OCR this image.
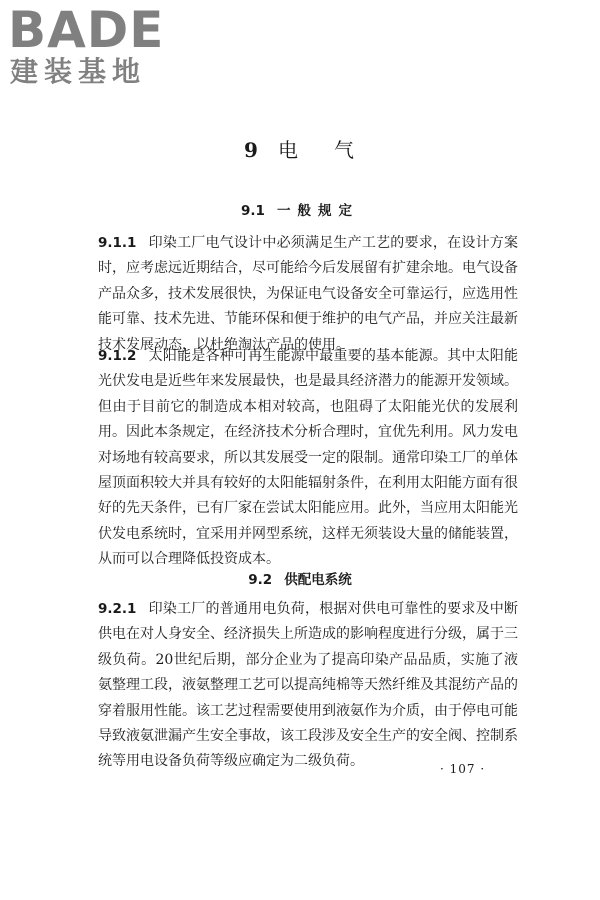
BADE
建装基地
9 电 气
9.1 一般规定
9.1.1 印染工厂电气设计中必须满足生产工艺的要求，在设计方案时，应考虑远近期结合，尽可能给今后发展留有扩建余地。电气设备产品众多，技术发展很快，为保证电气设备安全可靠运行，应选用性能可靠、技术先进、节能环保和便于维护的电气产品，并应关注最新技术发展动态，以杜绝淘汰产品的使用。
9.1.2 太阳能是各种可再生能源中最重要的基本能源。其中太阳能光伏发电是近些年来发展最快，也是最具经济潜力的能源开发领域。但由于目前它的制造成本相对较高，也阻碍了太阳能光伏的发展利用。因此本条规定，在经济技术分析合理时，宜优先利用。风力发电对场地有较高要求，所以其发展受一定的限制。通常印染工厂的单体屋顶面积较大并具有较好的太阳能辐射条件，在利用太阳能方面有很好的先天条件，已有厂家在尝试太阳能应用。此外，当应用太阳能光伏发电系统时，宜采用并网型系统，这样无须装设大量的储能装置，从而可以合理降低投资成本。
9.2 供配电系统
9.2.1 印染工厂的普通用电负荷，根据对供电可靠性的要求及中断供电在对人身安全、经济损失上所造成的影响程度进行分级，属于三级负荷。20世纪后期，部分企业为了提高印染产品品质，实施了液氨整理工段，液氨整理工艺可以提高纯棉等天然纤维及其混纺产品的穿着服用性能。该工艺过程需要使用到液氨作为介质，由于停电可能导致液氨泄漏产生安全事故，该工段涉及安全生产的安全阀、控制系统等用电设备负荷等级应确定为二级负荷。	· 107 ·
